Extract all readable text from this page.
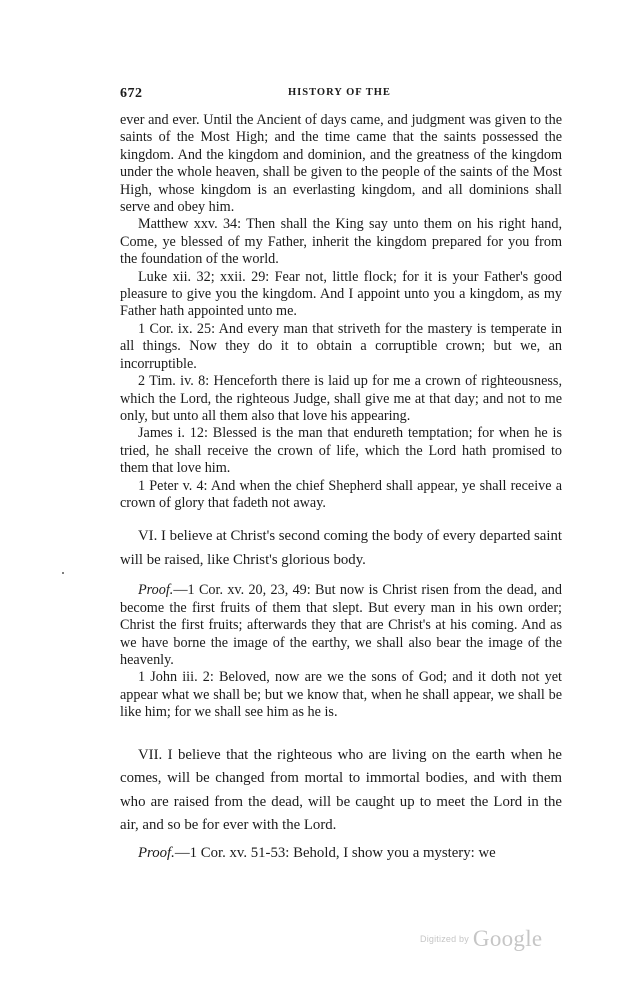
672	HISTORY OF THE

ever and ever. Until the Ancient of days came, and judgment was given to the saints of the Most High; and the time came that the saints possessed the kingdom. And the kingdom and dominion, and the greatness of the kingdom under the whole heaven, shall be given to the people of the saints of the Most High, whose kingdom is an everlasting kingdom, and all dominions shall serve and obey him.

Matthew xxv. 34: Then shall the King say unto them on his right hand, Come, ye blessed of my Father, inherit the kingdom prepared for you from the foundation of the world.

Luke xii. 32; xxii. 29: Fear not, little flock; for it is your Father's good pleasure to give you the kingdom. And I appoint unto you a kingdom, as my Father hath appointed unto me.

1 Cor. ix. 25: And every man that striveth for the mastery is temperate in all things. Now they do it to obtain a corruptible crown; but we, an incorruptible.

2 Tim. iv. 8: Henceforth there is laid up for me a crown of righteousness, which the Lord, the righteous Judge, shall give me at that day; and not to me only, but unto all them also that love his appearing.

James i. 12: Blessed is the man that endureth temptation; for when he is tried, he shall receive the crown of life, which the Lord hath promised to them that love him.

1 Peter v. 4: And when the chief Shepherd shall appear, ye shall receive a crown of glory that fadeth not away.

VI. I believe at Christ's second coming the body of every departed saint will be raised, like Christ's glorious body.

Proof.—1 Cor. xv. 20, 23, 49: But now is Christ risen from the dead, and become the first fruits of them that slept. But every man in his own order; Christ the first fruits; afterwards they that are Christ's at his coming. And as we have borne the image of the earthy, we shall also bear the image of the heavenly.

1 John iii. 2: Beloved, now are we the sons of God; and it doth not yet appear what we shall be; but we know that, when he shall appear, we shall be like him; for we shall see him as he is.

VII. I believe that the righteous who are living on the earth when he comes, will be changed from mortal to immortal bodies, and with them who are raised from the dead, will be caught up to meet the Lord in the air, and so be for ever with the Lord.

Proof.—1 Cor. xv. 51-53: Behold, I show you a mystery: we

Digitized by Google
